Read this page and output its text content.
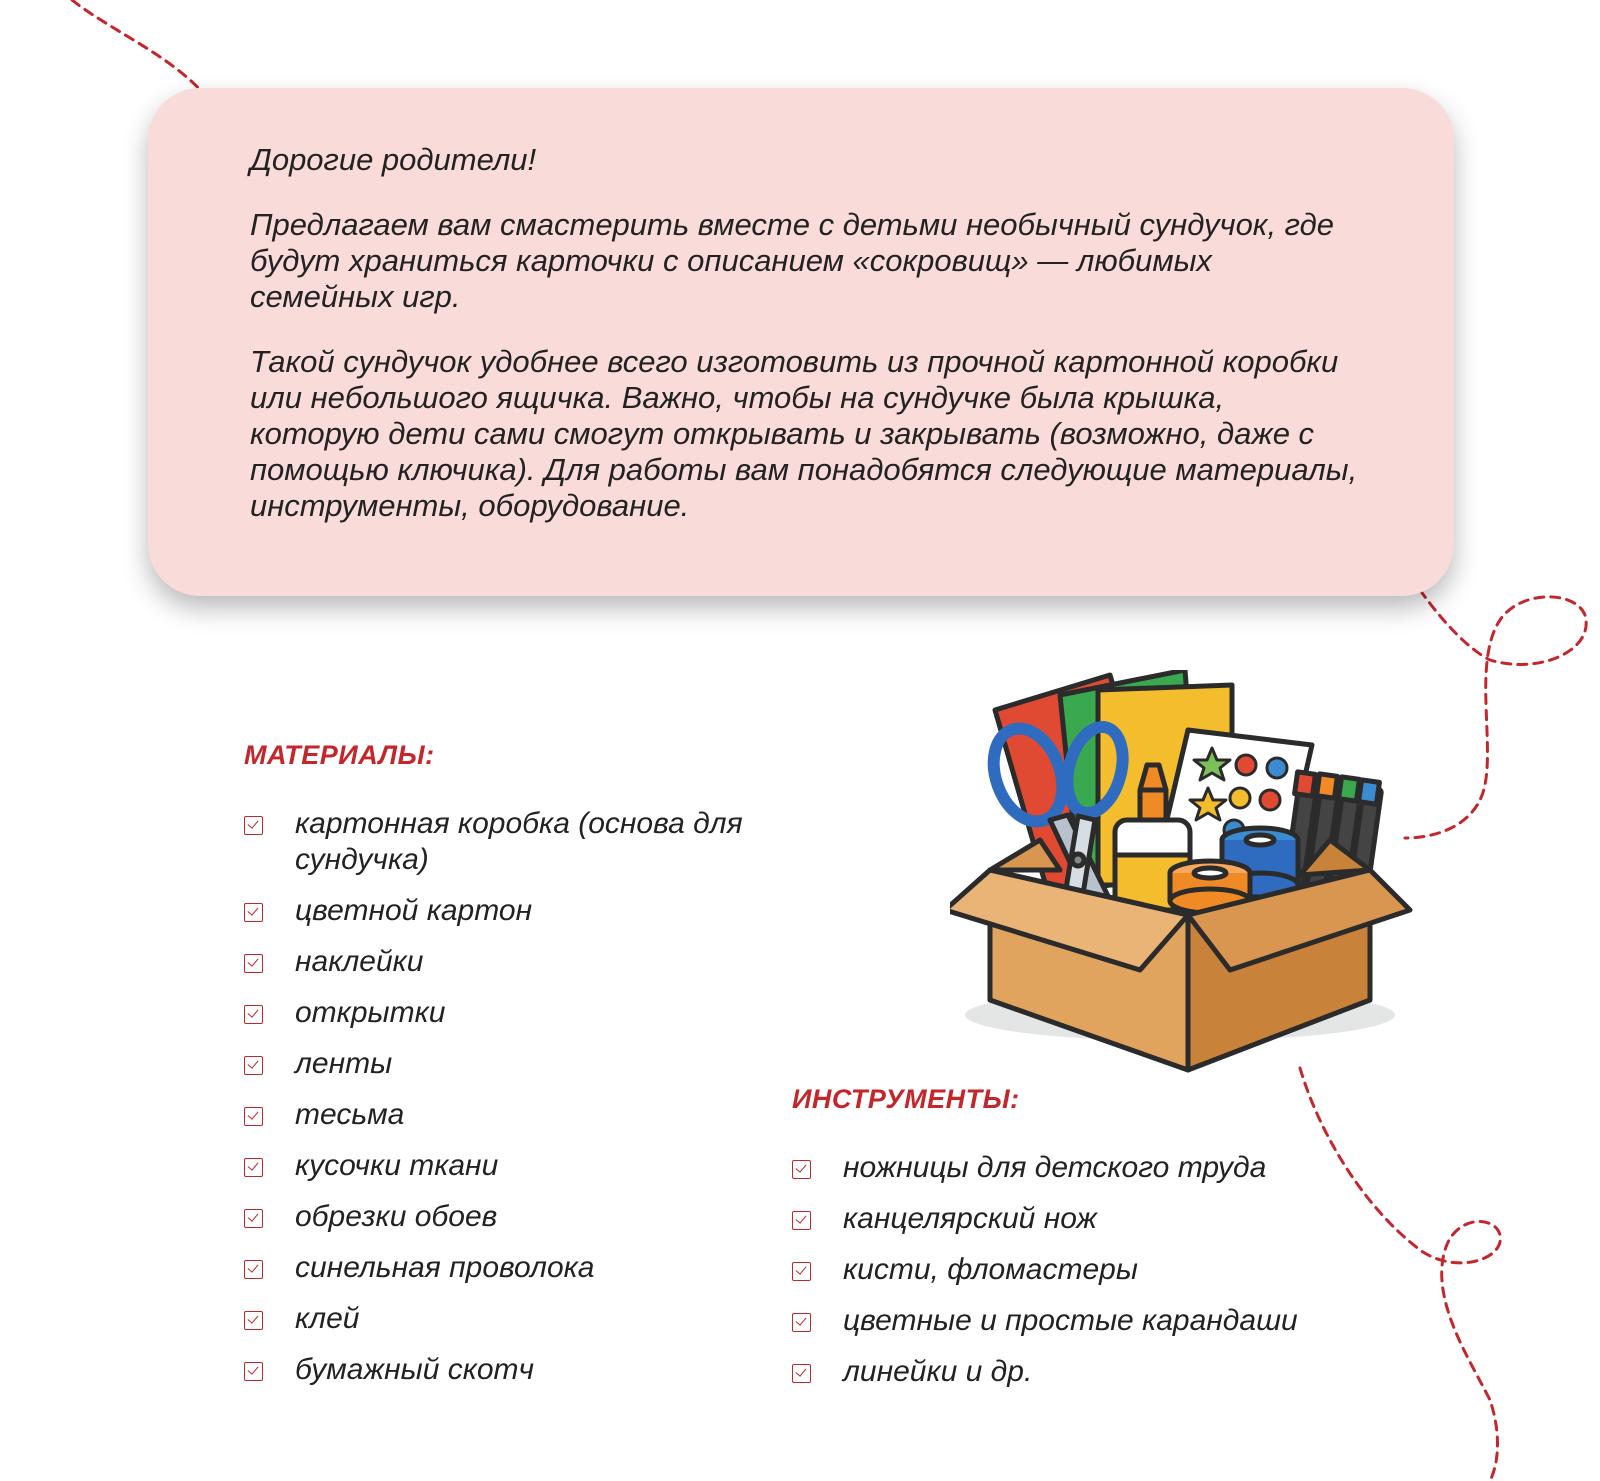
Дорогие родители!

Предлагаем вам смастерить вместе с детьми необычный сундучок, где будут храниться карточки с описанием «сокровищ» — любимых семейных игр.

Такой сундучок удобнее всего изготовить из прочной картонной коробки или небольшого ящичка. Важно, чтобы на сундучке была крышка, которую дети сами смогут открывать и закрывать (возможно, даже с помощью ключика). Для работы вам понадобятся следующие материалы, инструменты, оборудование.

МАТЕРИАЛЫ:
картонная коробка (основа для сундучка)
цветной картон
наклейки
открытки
ленты
тесьма
кусочки ткани
обрезки обоев
синельная проволока
клей
бумажный скотч
ИНСТРУМЕНТЫ:
ножницы для детского труда
канцелярский нож
кисти, фломастеры
цветные и простые карандаши
линейки и др.
